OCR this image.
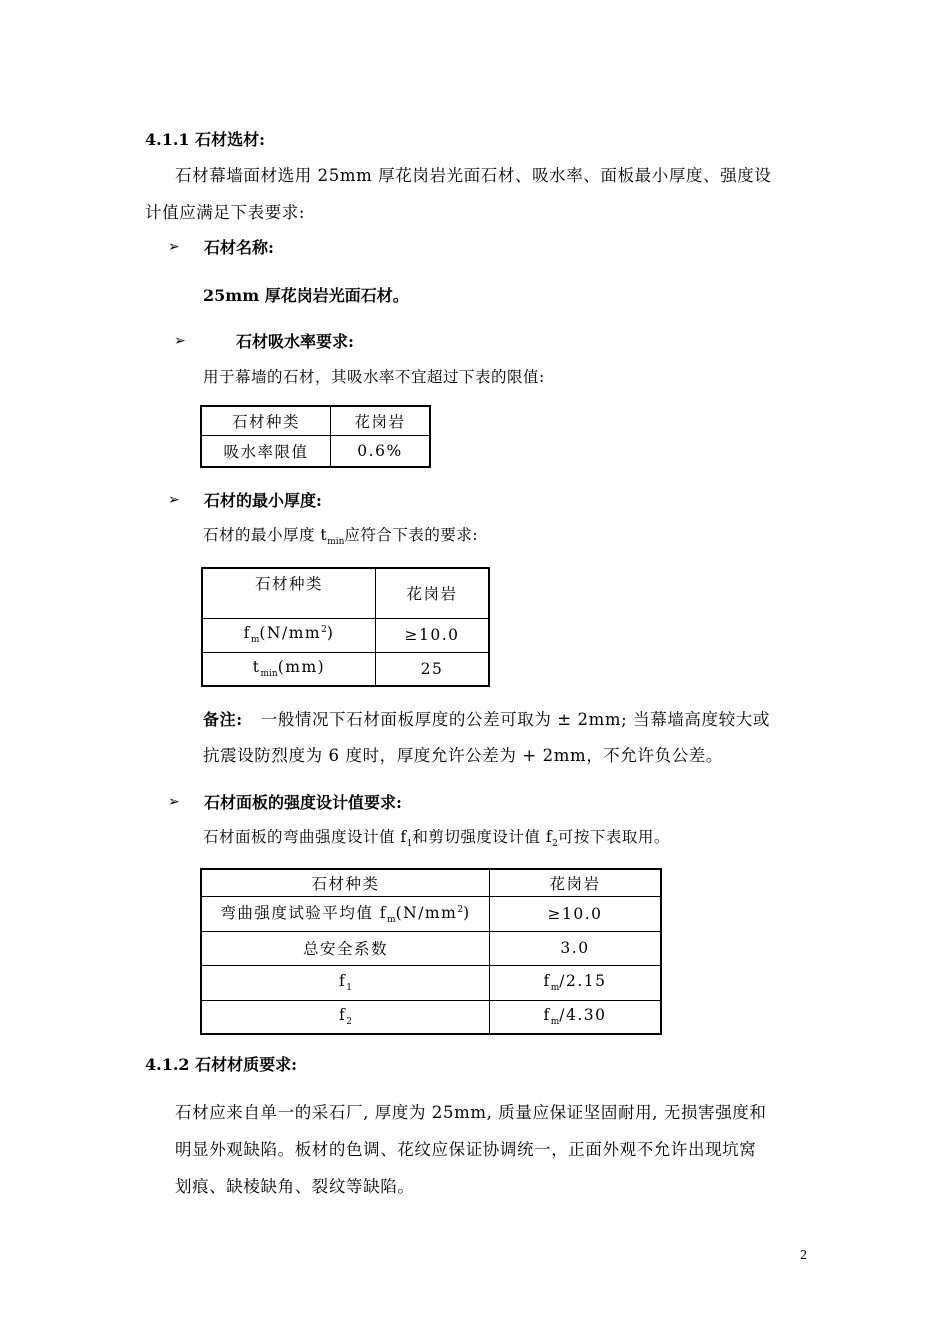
4.1.1 石材选材:
石材幕墙面材选用 25mm 厚花岗岩光面石材、吸水率、面板最小厚度、强度设
计值应满足下表要求:
➢	石材名称:
25mm 厚花岗岩光面石材。
➢	石材吸水率要求:
用于幕墙的石材，其吸水率不宜超过下表的限值:
石材种类	花岗岩
吸水率限值	0.6%
➢	石材的最小厚度:
石材的最小厚度 $t_{min}$应符合下表的要求:
石材种类	花岗岩
$f_m(N/mm^2)$	≥10.0
$t_{min}(mm)$	25
备注: 一般情况下石材面板厚度的公差可取为 ± 2mm; 当幕墙高度较大或
抗震设防烈度为 6 度时，厚度允许公差为 + 2mm，不允许负公差。
➢	石材面板的强度设计值要求:
石材面板的弯曲强度设计值 $f_1$和剪切强度设计值 $f_2$可按下表取用。
石材种类	花岗岩
弯曲强度试验平均值 $f_m(N/mm^2)$	≥10.0
总安全系数	3.0
$f_1$	$f_m/2.15$
$f_2$	$f_m/4.30$
4.1.2 石材材质要求:
石材应来自单一的采石厂, 厚度为 25mm, 质量应保证坚固耐用, 无损害强度和
明显外观缺陷。板材的色调、花纹应保证协调统一，正面外观不允许出现坑窝
划痕、缺棱缺角、裂纹等缺陷。
2
